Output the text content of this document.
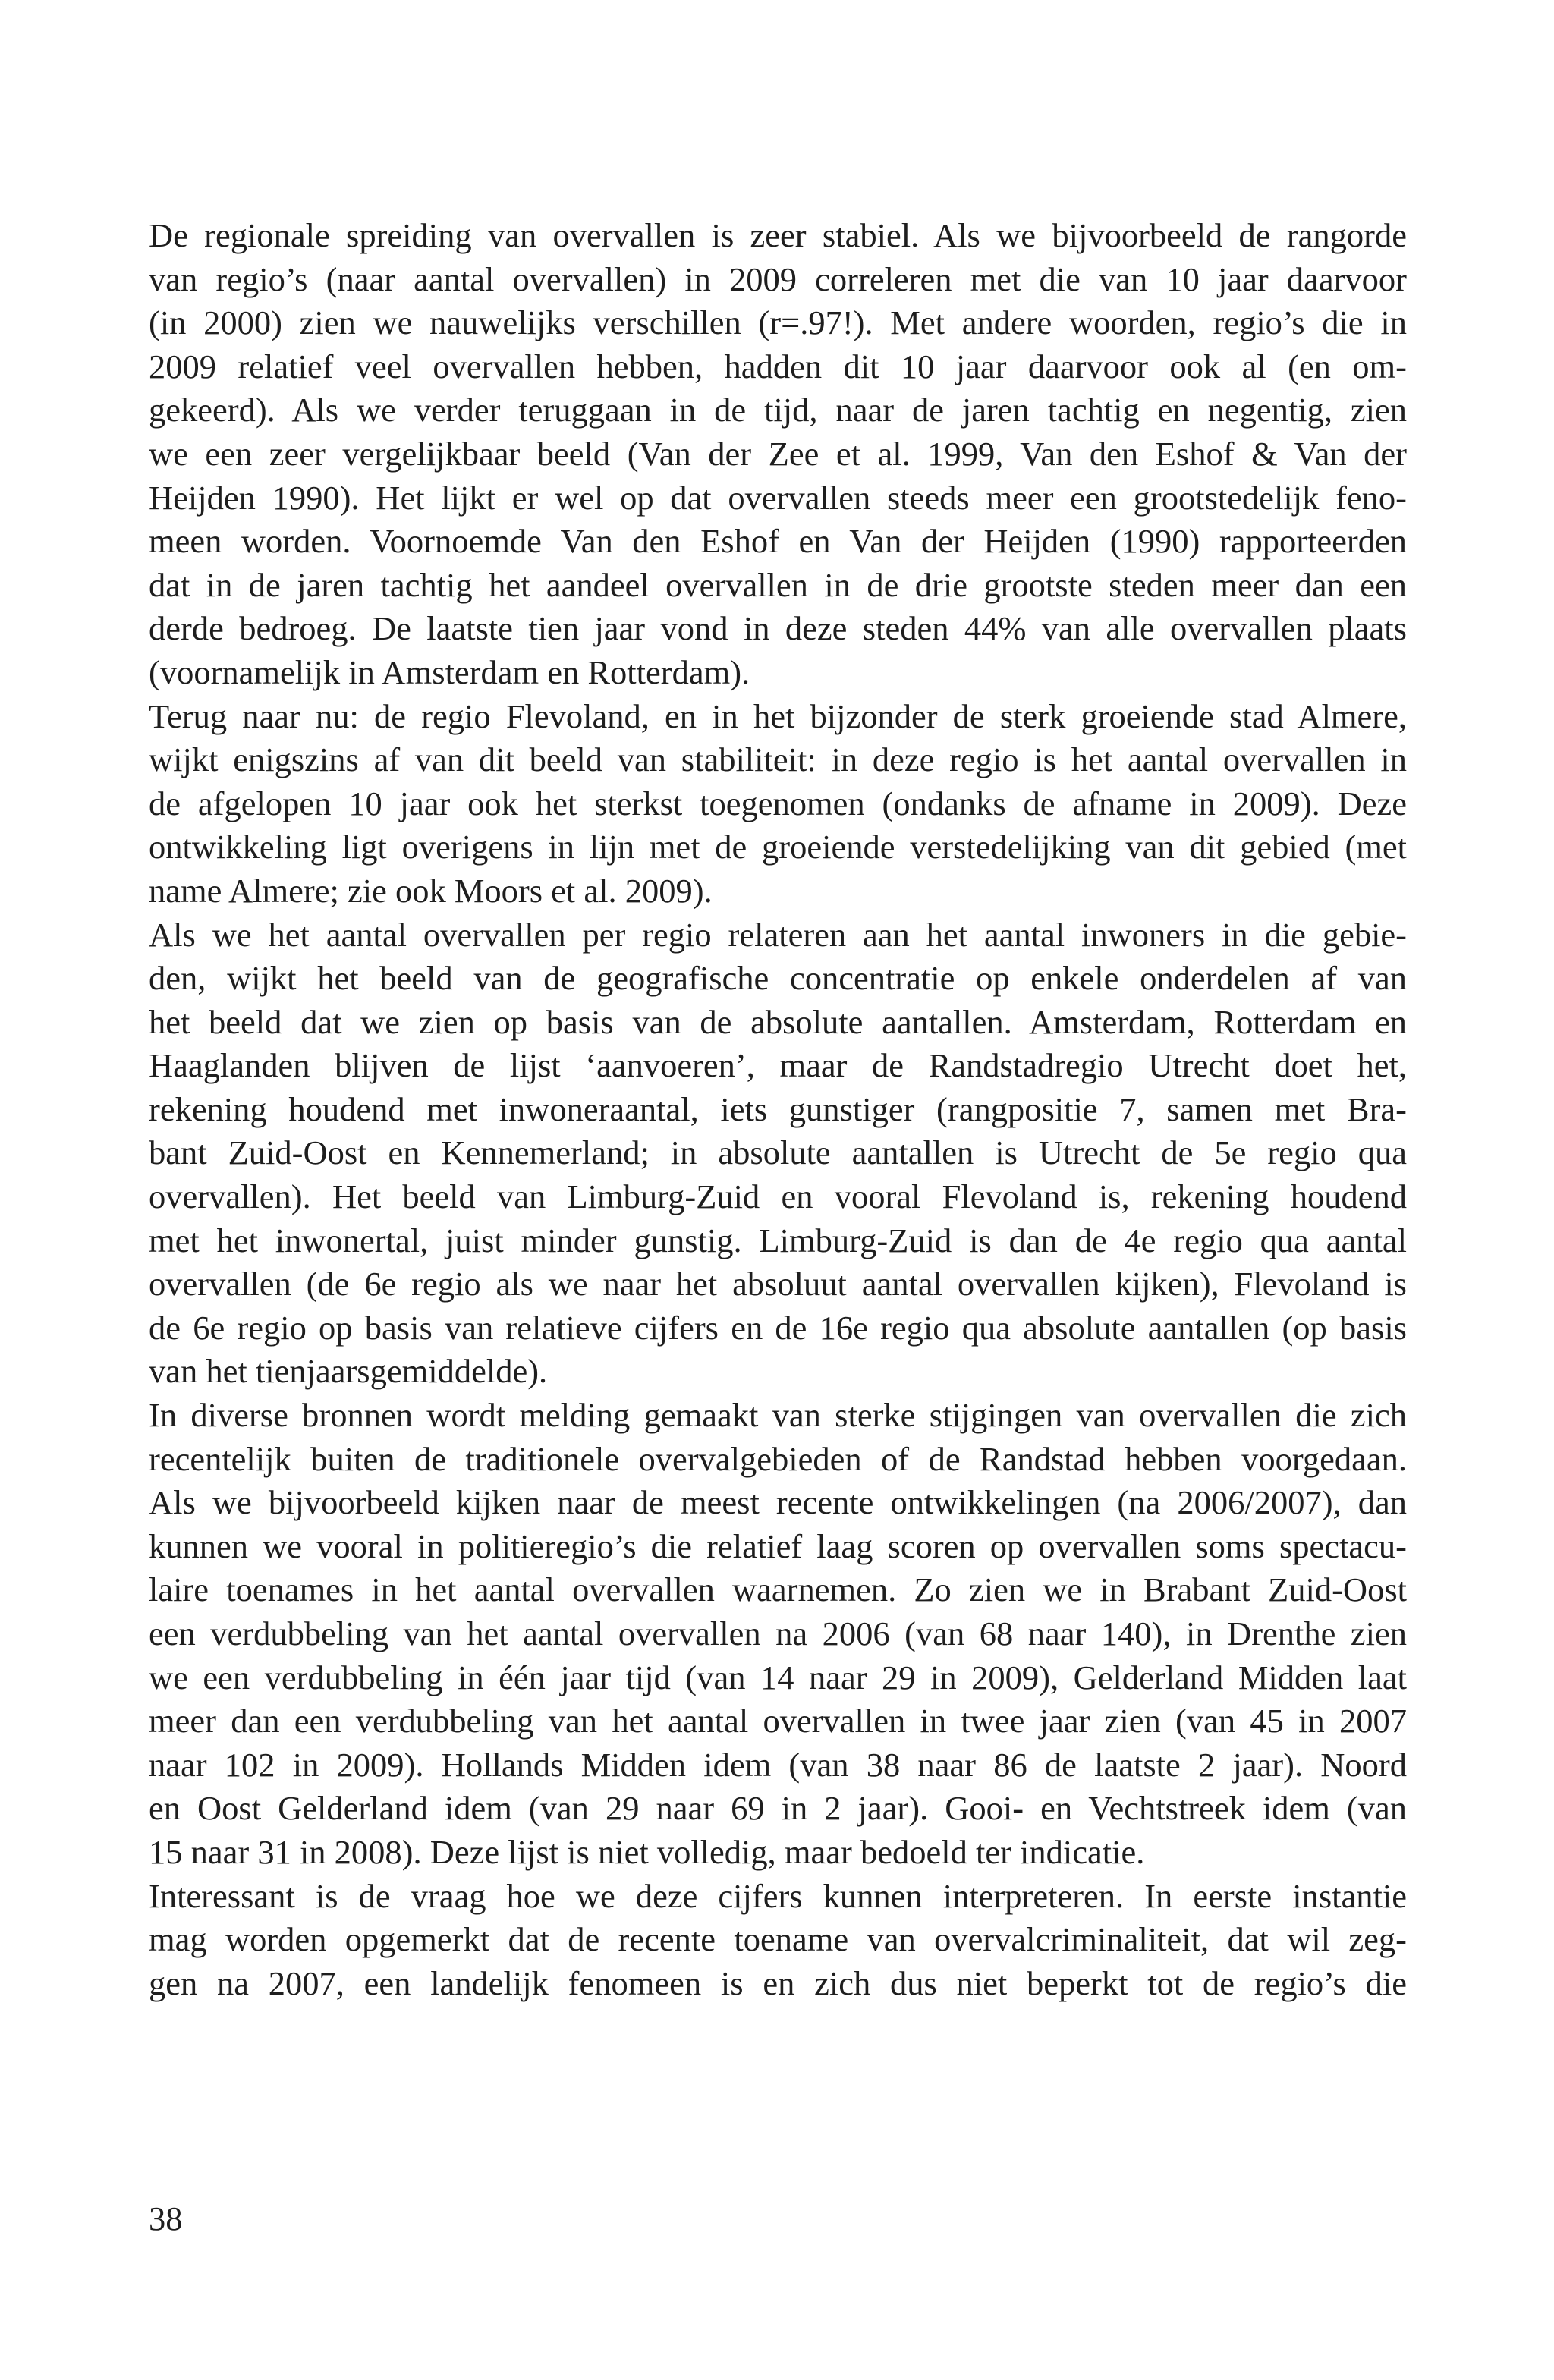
De regionale spreiding van overvallen is zeer stabiel. Als we bijvoorbeeld de rangorde
van regio’s (naar aantal overvallen) in 2009 correleren met die van 10 jaar daarvoor
(in 2000) zien we nauwelijks verschillen (r=.97!). Met andere woorden, regio’s die in
2009 relatief veel overvallen hebben, hadden dit 10 jaar daarvoor ook al (en om-
gekeerd). Als we verder teruggaan in de tijd, naar de jaren tachtig en negentig, zien
we een zeer vergelijkbaar beeld (Van der Zee et al. 1999, Van den Eshof & Van der
Heijden 1990). Het lijkt er wel op dat overvallen steeds meer een grootstedelijk feno-
meen worden. Voornoemde Van den Eshof en Van der Heijden (1990) rapporteerden
dat in de jaren tachtig het aandeel overvallen in de drie grootste steden meer dan een
derde bedroeg. De laatste tien jaar vond in deze steden 44% van alle overvallen plaats
(voornamelijk in Amsterdam en Rotterdam).
Terug naar nu: de regio Flevoland, en in het bijzonder de sterk groeiende stad Almere,
wijkt enigszins af van dit beeld van stabiliteit: in deze regio is het aantal overvallen in
de afgelopen 10 jaar ook het sterkst toegenomen (ondanks de afname in 2009). Deze
ontwikkeling ligt overigens in lijn met de groeiende verstedelijking van dit gebied (met
name Almere; zie ook Moors et al. 2009).
Als we het aantal overvallen per regio relateren aan het aantal inwoners in die gebie-
den, wijkt het beeld van de geografische concentratie op enkele onderdelen af van
het beeld dat we zien op basis van de absolute aantallen. Amsterdam, Rotterdam en
Haaglanden blijven de lijst ‘aanvoeren’, maar de Randstadregio Utrecht doet het,
rekening houdend met inwoneraantal, iets gunstiger (rangpositie 7, samen met Bra-
bant Zuid-Oost en Kennemerland; in absolute aantallen is Utrecht de 5e regio qua
overvallen). Het beeld van Limburg-Zuid en vooral Flevoland is, rekening houdend
met het inwonertal, juist minder gunstig. Limburg-Zuid is dan de 4e regio qua aantal
overvallen (de 6e regio als we naar het absoluut aantal overvallen kijken), Flevoland is
de 6e regio op basis van relatieve cijfers en de 16e regio qua absolute aantallen (op basis
van het tienjaarsgemiddelde).
In diverse bronnen wordt melding gemaakt van sterke stijgingen van overvallen die zich
recentelijk buiten de traditionele overvalgebieden of de Randstad hebben voorgedaan.
Als we bijvoorbeeld kijken naar de meest recente ontwikkelingen (na 2006/2007), dan
kunnen we vooral in politieregio’s die relatief laag scoren op overvallen soms spectacu-
laire toenames in het aantal overvallen waarnemen. Zo zien we in Brabant Zuid-Oost
een verdubbeling van het aantal overvallen na 2006 (van 68 naar 140), in Drenthe zien
we een verdubbeling in één jaar tijd (van 14 naar 29 in 2009), Gelderland Midden laat
meer dan een verdubbeling van het aantal overvallen in twee jaar zien (van 45 in 2007
naar 102 in 2009). Hollands Midden idem (van 38 naar 86 de laatste 2 jaar). Noord
en Oost Gelderland idem (van 29 naar 69 in 2 jaar). Gooi- en Vechtstreek idem (van
15 naar 31 in 2008). Deze lijst is niet volledig, maar bedoeld ter indicatie.
Interessant is de vraag hoe we deze cijfers kunnen interpreteren. In eerste instantie
mag worden opgemerkt dat de recente toename van overvalcriminaliteit, dat wil zeg-
gen na 2007, een landelijk fenomeen is en zich dus niet beperkt tot de regio’s die
38
